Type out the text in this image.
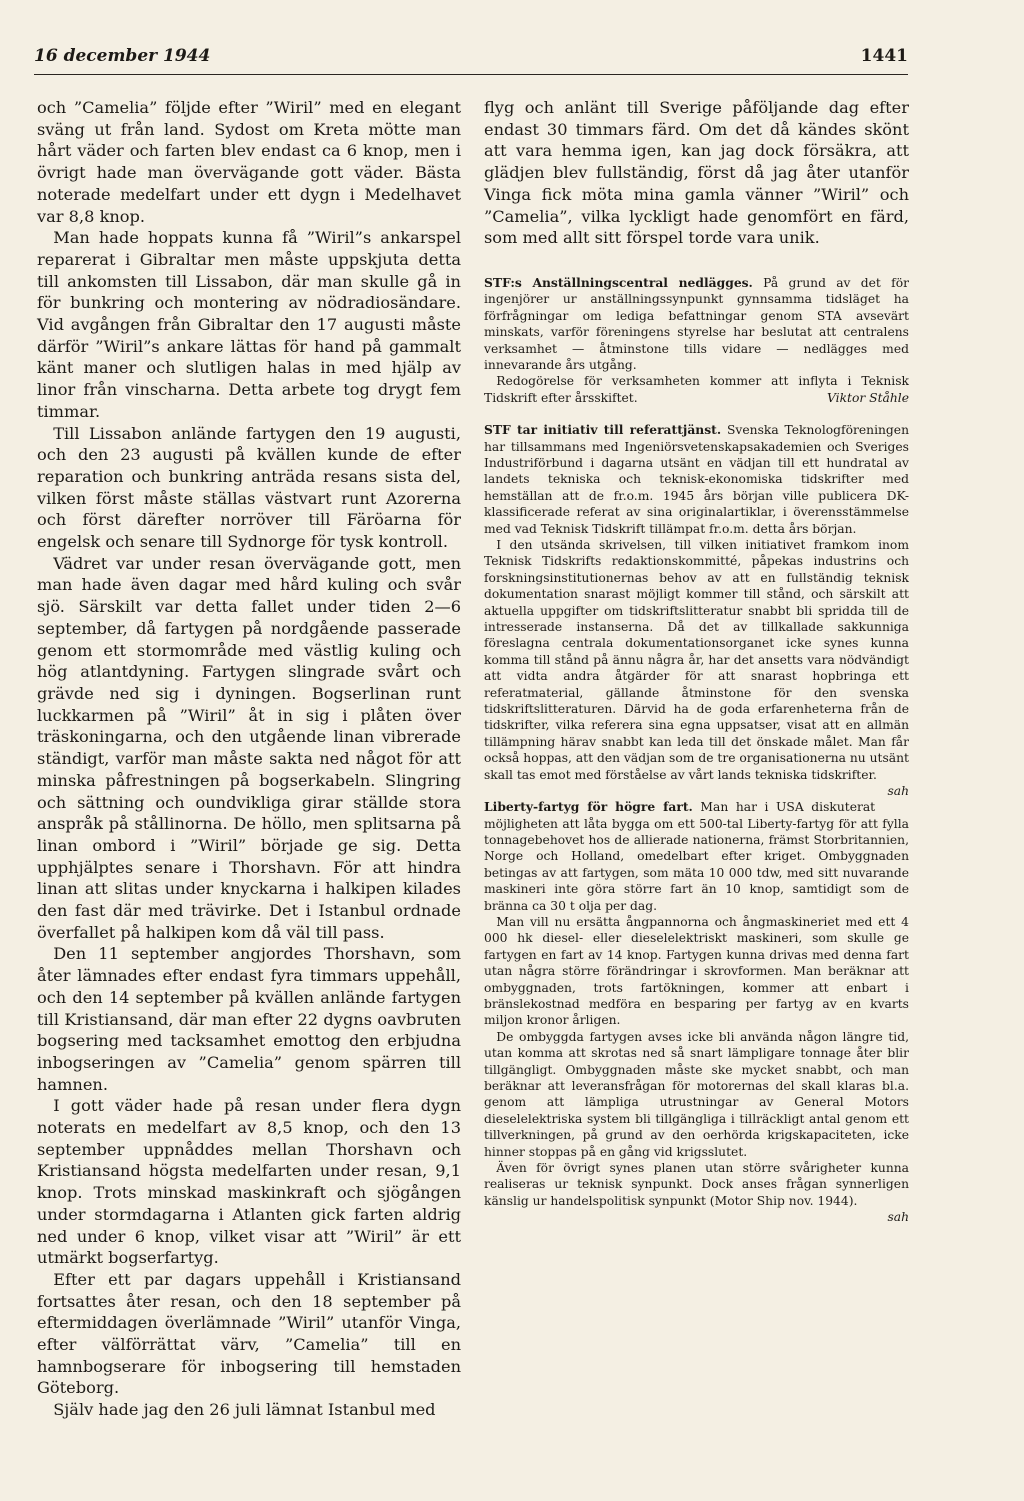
16 december 1944	1441

och ”Camelia” följde efter ”Wiril” med en elegant sväng ut från land. Sydost om Kreta mötte man hårt väder och farten blev endast ca 6 knop, men i övrigt hade man övervägande gott väder. Bästa noterade medelfart under ett dygn i Medelhavet var 8,8 knop.

Man hade hoppats kunna få ”Wiril”s ankarspel reparerat i Gibraltar men måste uppskjuta detta till ankomsten till Lissabon, där man skulle gå in för bunkring och montering av nödradiosändare. Vid avgången från Gibraltar den 17 augusti måste därför ”Wiril”s ankare lättas för hand på gammalt känt maner och slutligen halas in med hjälp av linor från vinscharna. Detta arbete tog drygt fem timmar.

Till Lissabon anlände fartygen den 19 augusti, och den 23 augusti på kvällen kunde de efter reparation och bunkring anträda resans sista del, vilken först måste ställas västvart runt Azorerna och först därefter norröver till Färöarna för engelsk och senare till Sydnorge för tysk kontroll.

Vädret var under resan övervägande gott, men man hade även dagar med hård kuling och svår sjö. Särskilt var detta fallet under tiden 2—6 september, då fartygen på nordgående passerade genom ett stormområde med västlig kuling och hög atlantdyning. Fartygen slingrade svårt och grävde ned sig i dyningen. Bogserlinan runt luckkarmen på ”Wiril” åt in sig i plåten över träskoningarna, och den utgående linan vibrerade ständigt, varför man måste sakta ned något för att minska påfrestningen på bogserkabeln. Slingring och sättning och oundvikliga girar ställde stora anspråk på stållinorna. De höllo, men splitsarna på linan ombord i ”Wiril” började ge sig. Detta upphjälptes senare i Thorshavn. För att hindra linan att slitas under knyckarna i halkipen kilades den fast där med trävirke. Det i Istanbul ordnade överfallet på halkipen kom då väl till pass.

Den 11 september angjordes Thorshavn, som åter lämnades efter endast fyra timmars uppehåll, och den 14 september på kvällen anlände fartygen till Kristiansand, där man efter 22 dygns oavbruten bogsering med tacksamhet emottog den erbjudna inbogseringen av ”Camelia” genom spärren till hamnen.

I gott väder hade på resan under flera dygn noterats en medelfart av 8,5 knop, och den 13 september uppnåddes mellan Thorshavn och Kristiansand högsta medelfarten under resan, 9,1 knop. Trots minskad maskinkraft och sjögången under stormdagarna i Atlanten gick farten aldrig ned under 6 knop, vilket visar att ”Wiril” är ett utmärkt bogserfartyg.

Efter ett par dagars uppehåll i Kristiansand fortsattes åter resan, och den 18 september på eftermiddagen överlämnade ”Wiril” utanför Vinga, efter välförrättat värv, ”Camelia” till en hamnbogserare för inbogsering till hemstaden Göteborg.

Själv hade jag den 26 juli lämnat Istanbul med

flyg och anlänt till Sverige påföljande dag efter endast 30 timmars färd. Om det då kändes skönt att vara hemma igen, kan jag dock försäkra, att glädjen blev fullständig, först då jag åter utanför Vinga fick möta mina gamla vänner ”Wiril” och ”Camelia”, vilka lyckligt hade genomfört en färd, som med allt sitt förspel torde vara unik.

STF:s Anställningscentral nedlägges. På grund av det för ingenjörer ur anställningssynpunkt gynnsamma tidsläget ha förfrågningar om lediga befattningar genom STA avsevärt minskats, varför föreningens styrelse har beslutat att centralens verksamhet — åtminstone tills vidare — nedlägges med innevarande års utgång.

Redogörelse för verksamheten kommer att inflyta i Teknisk Tidskrift efter årsskiftet.	Viktor Ståhle

STF tar initiativ till referattjänst. Svenska Teknologföreningen har tillsammans med Ingeniörsvetenskapsakademien och Sveriges Industriförbund i dagarna utsänt en vädjan till ett hundratal av landets tekniska och teknisk-ekonomiska tidskrifter med hemställan att de fr.o.m. 1945 års början ville publicera DK-klassificerade referat av sina originalartiklar, i överensstämmelse med vad Teknisk Tidskrift tillämpat fr.o.m. detta års början.

I den utsända skrivelsen, till vilken initiativet framkom inom Teknisk Tidskrifts redaktionskommitté, påpekas industrins och forskningsinstitutionernas behov av att en fullständig teknisk dokumentation snarast möjligt kommer till stånd, och särskilt att aktuella uppgifter om tidskriftslitteratur snabbt bli spridda till de intresserade instanserna. Då det av tillkallade sakkunniga föreslagna centrala dokumentationsorganet icke synes kunna komma till stånd på ännu några år, har det ansetts vara nödvändigt att vidta andra åtgärder för att snarast hopbringa ett referatmaterial, gällande åtminstone för den svenska tidskriftslitteraturen. Därvid ha de goda erfarenheterna från de tidskrifter, vilka referera sina egna uppsatser, visat att en allmän tillämpning härav snabbt kan leda till det önskade målet. Man får också hoppas, att den vädjan som de tre organisationerna nu utsänt skall tas emot med förståelse av vårt lands tekniska tidskrifter.
sah

Liberty-fartyg för högre fart. Man har i USA diskuterat möjligheten att låta bygga om ett 500-tal Liberty-fartyg för att fylla tonnagebehovet hos de allierade nationerna, främst Storbritannien, Norge och Holland, omedelbart efter kriget. Ombyggnaden betingas av att fartygen, som mäta 10 000 tdw, med sitt nuvarande maskineri inte göra större fart än 10 knop, samtidigt som de bränna ca 30 t olja per dag.

Man vill nu ersätta ångpannorna och ångmaskineriet med ett 4 000 hk diesel- eller dieselelektriskt maskineri, som skulle ge fartygen en fart av 14 knop. Fartygen kunna drivas med denna fart utan några större förändringar i skrovformen. Man beräknar att ombyggnaden, trots fartökningen, kommer att enbart i bränslekostnad medföra en besparing per fartyg av en kvarts miljon kronor årligen.

De ombyggda fartygen avses icke bli använda någon längre tid, utan komma att skrotas ned så snart lämpligare tonnage åter blir tillgängligt. Ombyggnaden måste ske mycket snabbt, och man beräknar att leveransfrågan för motorernas del skall klaras bl.a. genom att lämpliga utrustningar av General Motors dieselelektriska system bli tillgängliga i tillräckligt antal genom ett tillverkningen, på grund av den oerhörda krigskapaciteten, icke hinner stoppas på en gång vid krigsslutet.

Även för övrigt synes planen utan större svårigheter kunna realiseras ur teknisk synpunkt. Dock anses frågan synnerligen känslig ur handelspolitisk synpunkt (Motor Ship nov. 1944).

sah
